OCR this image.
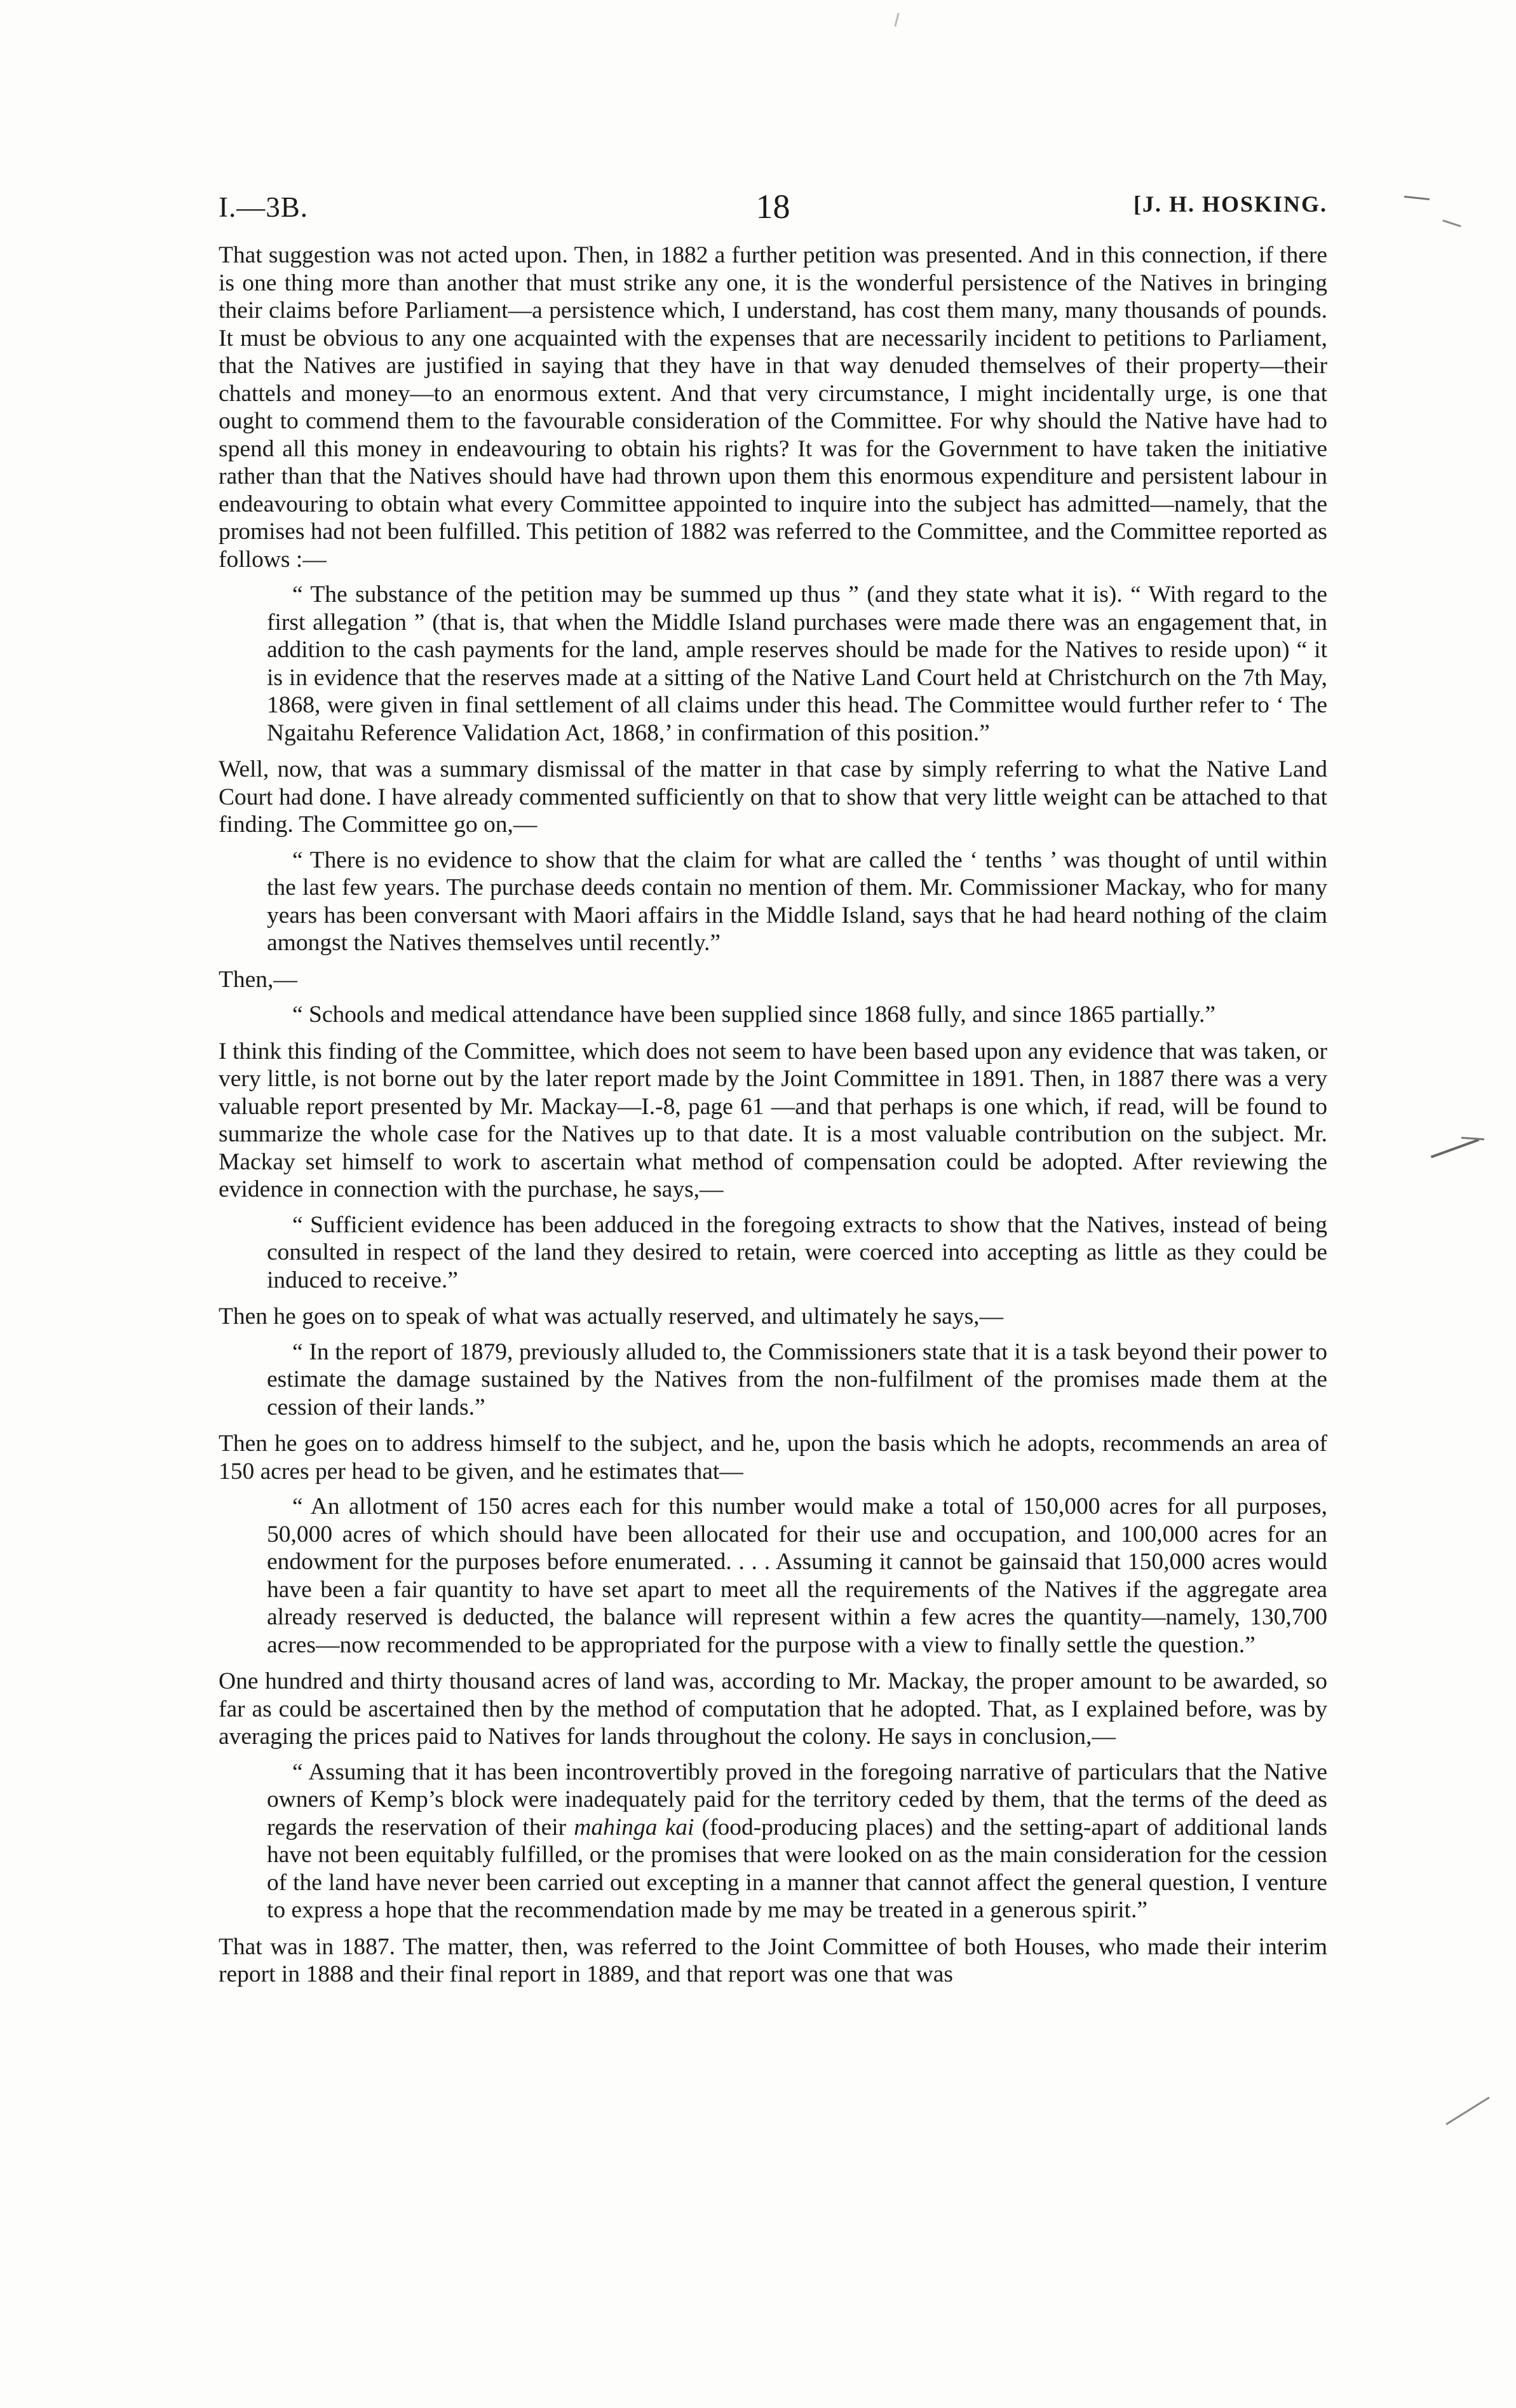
I.—3B.	18	[J. H. HOSKING.

That suggestion was not acted upon. Then, in 1882 a further petition was presented. And in this connection, if there is one thing more than another that must strike any one, it is the wonderful persistence of the Natives in bringing their claims before Parliament—a persistence which, I understand, has cost them many, many thousands of pounds. It must be obvious to any one acquainted with the expenses that are necessarily incident to petitions to Parliament, that the Natives are justified in saying that they have in that way denuded themselves of their property—their chattels and money—to an enormous extent. And that very circumstance, I might incidentally urge, is one that ought to commend them to the favourable consideration of the Committee. For why should the Native have had to spend all this money in endeavouring to obtain his rights? It was for the Government to have taken the initiative rather than that the Natives should have had thrown upon them this enormous expenditure and persistent labour in endeavouring to obtain what every Committee appointed to inquire into the subject has admitted—namely, that the promises had not been fulfilled. This petition of 1882 was referred to the Committee, and the Committee reported as follows :—

“ The substance of the petition may be summed up thus ” (and they state what it is). “ With regard to the first allegation ” (that is, that when the Middle Island purchases were made there was an engagement that, in addition to the cash payments for the land, ample reserves should be made for the Natives to reside upon) “ it is in evidence that the reserves made at a sitting of the Native Land Court held at Christchurch on the 7th May, 1868, were given in final settlement of all claims under this head. The Committee would further refer to ‘ The Ngaitahu Reference Validation Act, 1868,’ in confirmation of this position.”

Well, now, that was a summary dismissal of the matter in that case by simply referring to what the Native Land Court had done. I have already commented sufficiently on that to show that very little weight can be attached to that finding. The Committee go on,—

“ There is no evidence to show that the claim for what are called the ‘ tenths ’ was thought of until within the last few years. The purchase deeds contain no mention of them. Mr. Commissioner Mackay, who for many years has been conversant with Maori affairs in the Middle Island, says that he had heard nothing of the claim amongst the Natives themselves until recently.”

Then,—

“ Schools and medical attendance have been supplied since 1868 fully, and since 1865 partially.”

I think this finding of the Committee, which does not seem to have been based upon any evidence that was taken, or very little, is not borne out by the later report made by the Joint Committee in 1891. Then, in 1887 there was a very valuable report presented by Mr. Mackay—I.-8, page 61 —and that perhaps is one which, if read, will be found to summarize the whole case for the Natives up to that date. It is a most valuable contribution on the subject. Mr. Mackay set himself to work to ascertain what method of compensation could be adopted. After reviewing the evidence in connection with the purchase, he says,—

“ Sufficient evidence has been adduced in the foregoing extracts to show that the Natives, instead of being consulted in respect of the land they desired to retain, were coerced into accepting as little as they could be induced to receive.”

Then he goes on to speak of what was actually reserved, and ultimately he says,—

“ In the report of 1879, previously alluded to, the Commissioners state that it is a task beyond their power to estimate the damage sustained by the Natives from the non-fulfilment of the promises made them at the cession of their lands.”

Then he goes on to address himself to the subject, and he, upon the basis which he adopts, recommends an area of 150 acres per head to be given, and he estimates that—

“ An allotment of 150 acres each for this number would make a total of 150,000 acres for all purposes, 50,000 acres of which should have been allocated for their use and occupation, and 100,000 acres for an endowment for the purposes before enumerated. . . . Assuming it cannot be gainsaid that 150,000 acres would have been a fair quantity to have set apart to meet all the requirements of the Natives if the aggregate area already reserved is deducted, the balance will represent within a few acres the quantity—namely, 130,700 acres—now recommended to be appropriated for the purpose with a view to finally settle the question.”

One hundred and thirty thousand acres of land was, according to Mr. Mackay, the proper amount to be awarded, so far as could be ascertained then by the method of computation that he adopted. That, as I explained before, was by averaging the prices paid to Natives for lands throughout the colony. He says in conclusion,—

“ Assuming that it has been incontrovertibly proved in the foregoing narrative of particulars that the Native owners of Kemp’s block were inadequately paid for the territory ceded by them, that the terms of the deed as regards the reservation of their mahinga kai (food-producing places) and the setting-apart of additional lands have not been equitably fulfilled, or the promises that were looked on as the main consideration for the cession of the land have never been carried out excepting in a manner that cannot affect the general question, I venture to express a hope that the recommendation made by me may be treated in a generous spirit.”

That was in 1887. The matter, then, was referred to the Joint Committee of both Houses, who made their interim report in 1888 and their final report in 1889, and that report was one that was
